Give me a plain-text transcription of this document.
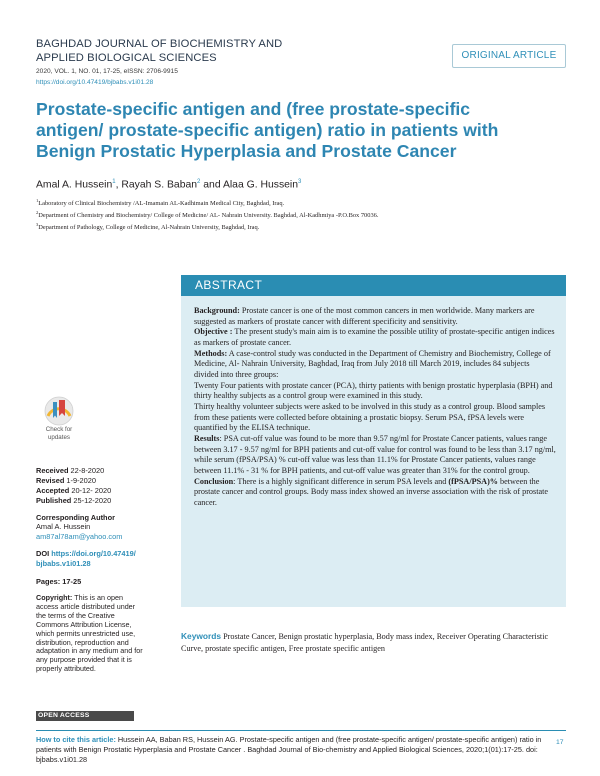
BAGHDAD JOURNAL OF BIOCHEMISTRY AND
APPLIED BIOLOGICAL SCIENCES
2020, VOL. 1, NO. 01, 17-25, eISSN: 2706-9915
https://doi.org/10.47419/bjbabs.v1i01.28
ORIGINAL ARTICLE
Prostate-specific antigen and (free prostate-specific
antigen/ prostate-specific antigen) ratio in patients with
Benign Prostatic Hyperplasia and Prostate Cancer
Amal A. Hussein$^1$, Rayah S. Baban$^2$ and Alaa G. Hussein$^3$
$^1$Laboratory of Clinical Biochemistry /AL-Imamain AL-Kadhimain Medical City, Baghdad, Iraq.
$^2$Department of Chemistry and Biochemistry/ College of Medicine/ AL- Nahrain University. Baghdad, Al-Kadhmiya -P.O.Box 70036.
$^3$Department of Pathology, College of Medicine, Al-Nahrain University, Baghdad, Iraq.
ABSTRACT

Background: Prostate cancer is one of the most common cancers in men worldwide. Many markers are suggested as markers of prostate cancer with different specificity and sensitivity.

Objective : The present study's main aim is to examine the possible utility of prostate-specific antigen indices as markers of prostate cancer.

Methods: A case-control study was conducted in the Department of Chemistry and Biochemistry, College of Medicine, Al- Nahrain University, Baghdad, Iraq from July 2018 till March 2019, includes 84 subjects divided into three groups:

Twenty Four patients with prostate cancer (PCA), thirty patients with benign prostatic hyperplasia (BPH) and thirty healthy subjects as a control group were examined in this study.

Thirty healthy volunteer subjects were asked to be involved in this study as a control group. Blood samples from these patients were collected before obtaining a prostatic biopsy. Serum PSA, fPSA levels were quantified by the ELISA technique.

Results: PSA cut-off value was found to be more than 9.57 ng/ml for Prostate Cancer patients, values range between 3.17 - 9.57 ng/ml for BPH patients and cut-off value for control was found to be less than 3.17 ng/ml, while serum (fPSA/PSA) % cut-off value was less than 11.1% for Prostate Cancer patients, values range between 11.1% - 31 % for BPH patients, and cut-off value was greater than 31% for the control group.

Conclusion: There is a highly significant difference in serum PSA levels and (fPSA/PSA)% between the prostate cancer and control groups. Body mass index showed an inverse association with the risk of prostate cancer.

Check for
updates
Received 22-8-2020
Revised 1-9-2020
Accepted 20-12- 2020
Published 25-12-2020
Corresponding Author
Amal A. Hussein
am87al78am@yahoo.com
DOI https://doi.org/10.47419/
bjbabs.v1i01.28
Pages: 17-25
Copyright: This is an open
access article distributed under
the terms of the Creative
Commons Attribution License,
which permits unrestricted use,
distribution, reproduction and
adaptation in any medium and for
any purpose provided that it is
properly attributed.
Keywords Prostate Cancer, Benign prostatic hyperplasia, Body mass index, Receiver Operating Characteristic Curve, prostate specific antigen, Free prostate specific antigen
OPEN ACCESS
How to cite this article: Hussein AA, Baban RS, Hussein AG. Prostate-specific antigen and (free prostate-specific antigen/ prostate-specific antigen) ratio in patients with Benign Prostatic Hyperplasia and Prostate Cancer . Baghdad Journal of Bio-chemistry and Applied Biological Sciences, 2020;1(01):17-25. doi: bjbabs.v1i01.28
17
